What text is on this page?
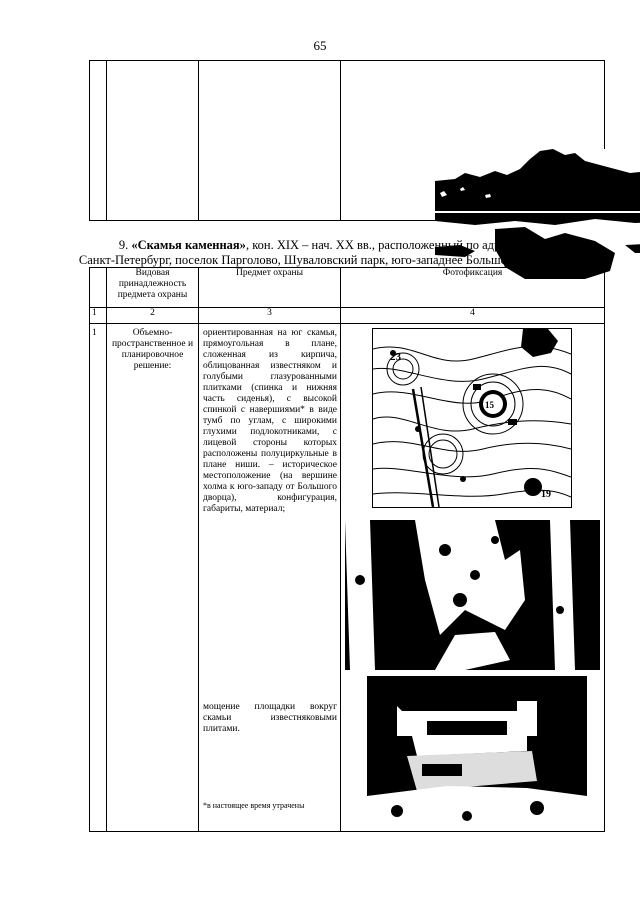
65

9. «Скамья каменная», кон. XIX – нач. XX вв., расположенный по адресу:
Санкт-Петербург, поселок Парголово, Шуваловский парк, юго-западнее Большого дворца.
	Видовая принадлежность предмета охраны	Предмет охраны	Фотофиксация
1	2	3	4
1	Объемно-пространственное и планировочное решение:	ориентированная на юг скамья, прямоугольная в плане, сложенная из кирпича, облицованная известняком и голубыми глазурованными плитками (спинка и нижняя часть сиденья), с высокой спинкой с навершиями* в виде тумб по углам, с широкими глухими подлокотниками, с лицевой стороны которых расположены полуциркульные в плане ниши. – историческое местоположение (на вершине холма к юго-западу от Большого дворца), конфигурация, габариты, материал;
мощение площадки вокруг скамьи известняковыми плитами.
*в настоящее время утрачены	

23
15
19
